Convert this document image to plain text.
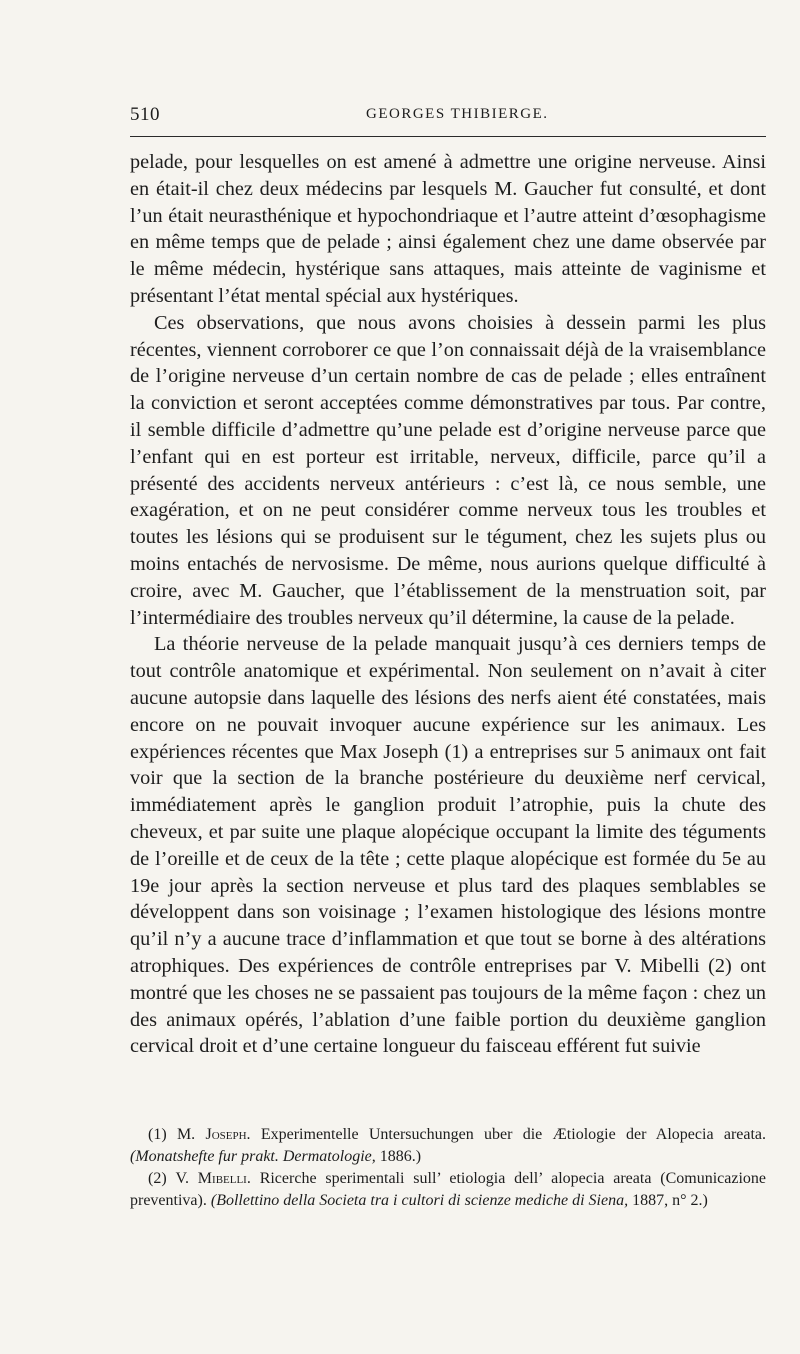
510	GEORGES THIBIERGE.

pelade, pour lesquelles on est amené à admettre une origine nerveuse. Ainsi en était-il chez deux médecins par lesquels M. Gaucher fut consulté, et dont l’un était neurasthénique et hypochondriaque et l’autre atteint d’œsophagisme en même temps que de pelade ; ainsi également chez une dame observée par le même médecin, hystérique sans attaques, mais atteinte de vaginisme et présentant l’état mental spécial aux hystériques.

Ces observations, que nous avons choisies à dessein parmi les plus récentes, viennent corroborer ce que l’on connaissait déjà de la vraisemblance de l’origine nerveuse d’un certain nombre de cas de pelade ; elles entraînent la conviction et seront acceptées comme démonstratives par tous. Par contre, il semble difficile d’admettre qu’une pelade est d’origine nerveuse parce que l’enfant qui en est porteur est irritable, nerveux, difficile, parce qu’il a présenté des accidents nerveux antérieurs : c’est là, ce nous semble, une exagération, et on ne peut considérer comme nerveux tous les troubles et toutes les lésions qui se produisent sur le tégument, chez les sujets plus ou moins entachés de nervosisme. De même, nous aurions quelque difficulté à croire, avec M. Gaucher, que l’établissement de la menstruation soit, par l’intermédiaire des troubles nerveux qu’il détermine, la cause de la pelade.

La théorie nerveuse de la pelade manquait jusqu’à ces derniers temps de tout contrôle anatomique et expérimental. Non seulement on n’avait à citer aucune autopsie dans laquelle des lésions des nerfs aient été constatées, mais encore on ne pouvait invoquer aucune expérience sur les animaux. Les expériences récentes que Max Joseph (1) a entreprises sur 5 animaux ont fait voir que la section de la branche postérieure du deuxième nerf cervical, immédiatement après le ganglion produit l’atrophie, puis la chute des cheveux, et par suite une plaque alopécique occupant la limite des téguments de l’oreille et de ceux de la tête ; cette plaque alopécique est formée du 5e au 19e jour après la section nerveuse et plus tard des plaques semblables se développent dans son voisinage ; l’examen histologique des lésions montre qu’il n’y a aucune trace d’inflammation et que tout se borne à des altérations atrophiques. Des expériences de contrôle entreprises par V. Mibelli (2) ont montré que les choses ne se passaient pas toujours de la même façon : chez un des animaux opérés, l’ablation d’une faible portion du deuxième ganglion cervical droit et d’une certaine longueur du faisceau efférent fut suivie

(1) M. Joseph. Experimentelle Untersuchungen uber die Ætiologie der Alopecia areata. (Monatshefte fur prakt. Dermatologie, 1886.)

(2) V. Mibelli. Ricerche sperimentali sull’ etiologia dell’ alopecia areata (Comunicazione preventiva). (Bollettino della Societa tra i cultori di scienze mediche di Siena, 1887, n° 2.)
